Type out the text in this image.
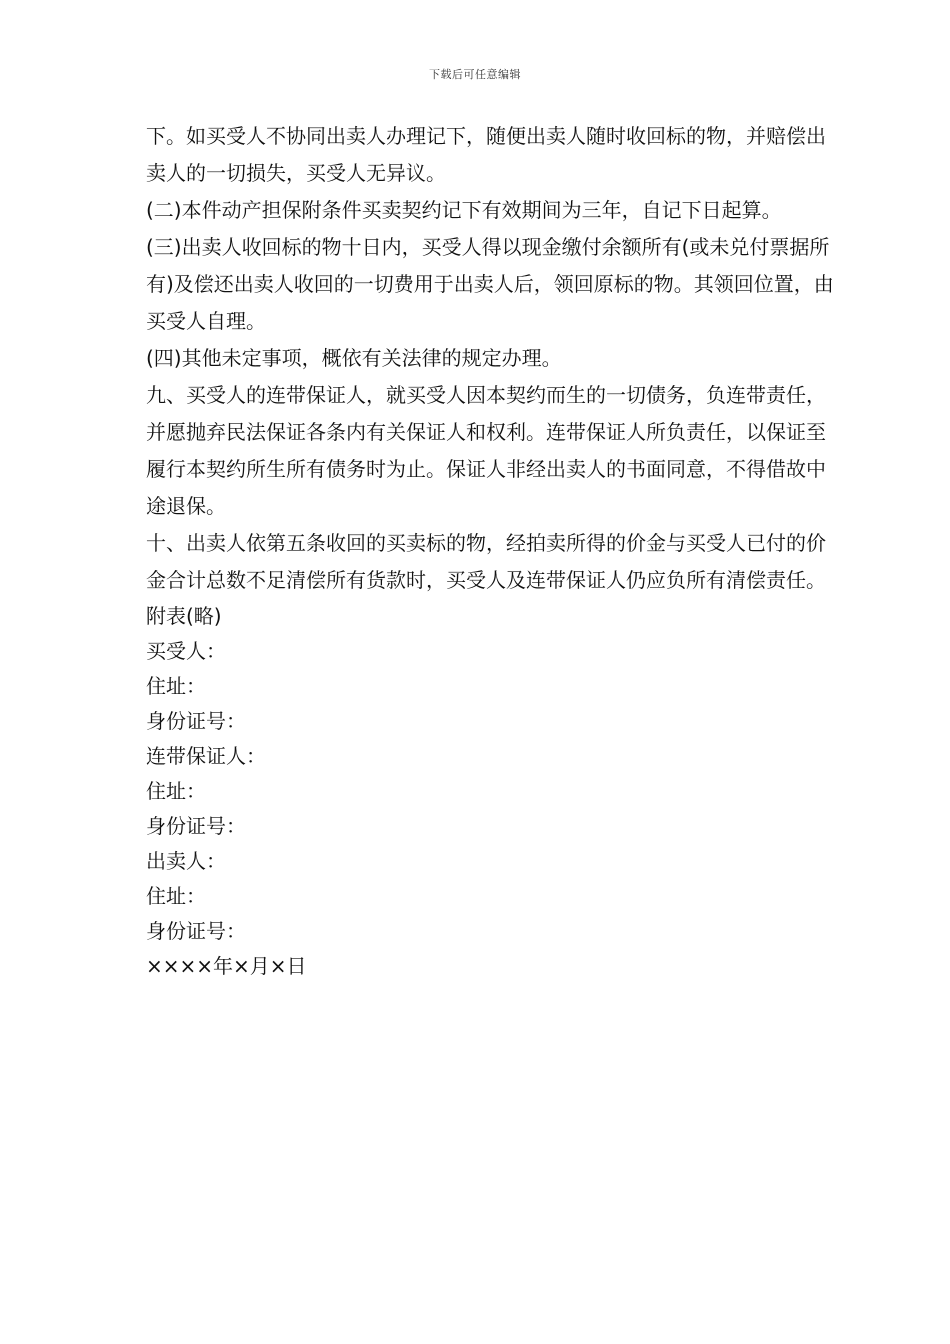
下载后可任意编辑

下。如买受人不协同出卖人办理记下，随便出卖人随时收回标的物，并赔偿出卖人的一切损失，买受人无异议。

(二)本件动产担保附条件买卖契约记下有效期间为三年，自记下日起算。

(三)出卖人收回标的物十日内，买受人得以现金缴付余额所有(或未兑付票据所有)及偿还出卖人收回的一切费用于出卖人后，领回原标的物。其领回位置，由买受人自理。

(四)其他未定事项，概依有关法律的规定办理。

九、买受人的连带保证人，就买受人因本契约而生的一切债务，负连带责任，并愿抛弃民法保证各条内有关保证人和权利。连带保证人所负责任，以保证至履行本契约所生所有债务时为止。保证人非经出卖人的书面同意，不得借故中途退保。

十、出卖人依第五条收回的买卖标的物，经拍卖所得的价金与买受人已付的价金合计总数不足清偿所有货款时，买受人及连带保证人仍应负所有清偿责任。

附表(略)

买受人：

住址：

身份证号：

连带保证人：

住址：

身份证号：

出卖人：

住址：

身份证号：

××××年×月×日
